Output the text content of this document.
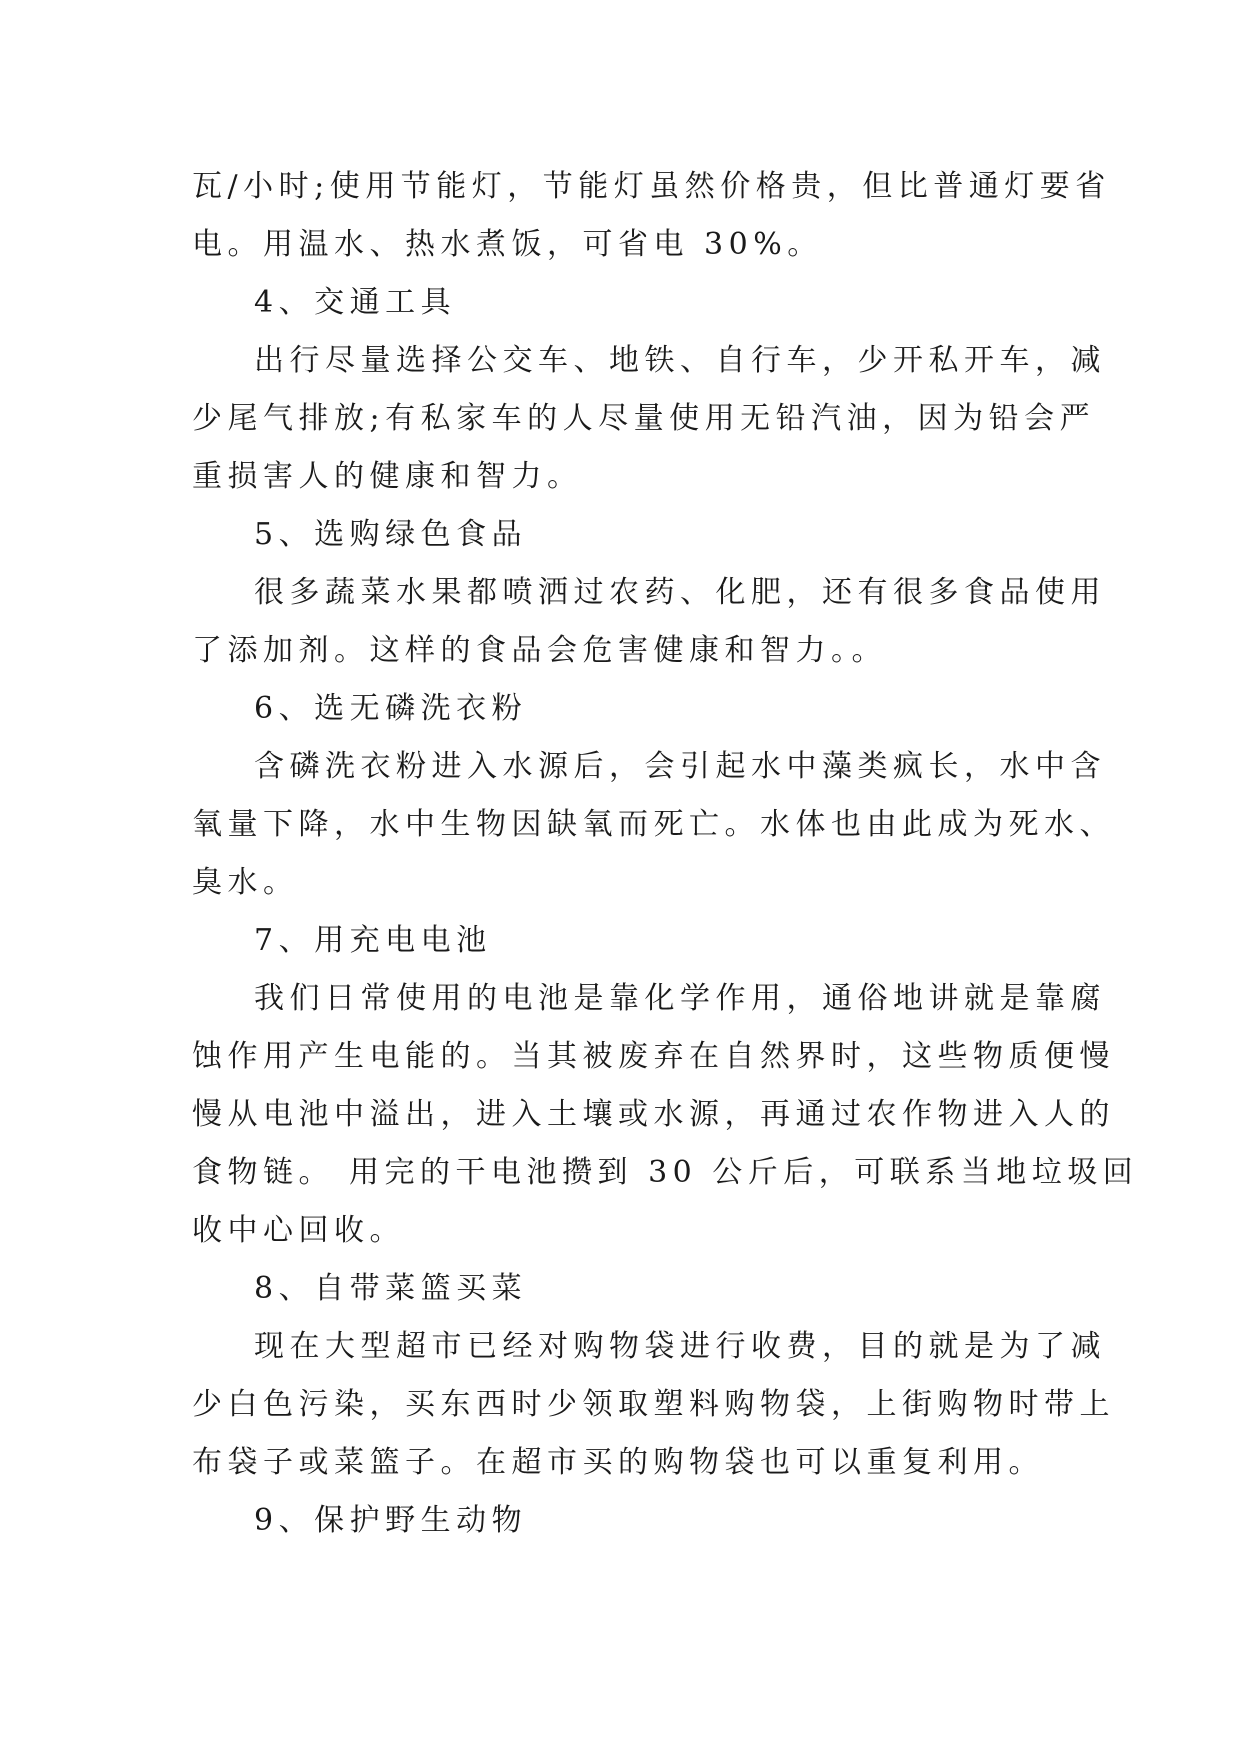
瓦/小时;使用节能灯，节能灯虽然价格贵，但比普通灯要省
电。用温水、热水煮饭，可省电 30%。
4、交通工具
出行尽量选择公交车、地铁、自行车，少开私开车，减
少尾气排放;有私家车的人尽量使用无铅汽油，因为铅会严
重损害人的健康和智力。
5、选购绿色食品
很多蔬菜水果都喷洒过农药、化肥，还有很多食品使用
了添加剂。这样的食品会危害健康和智力。。
6、选无磷洗衣粉
含磷洗衣粉进入水源后，会引起水中藻类疯长，水中含
氧量下降，水中生物因缺氧而死亡。水体也由此成为死水、
臭水。
7、用充电电池
我们日常使用的电池是靠化学作用，通俗地讲就是靠腐
蚀作用产生电能的。当其被废弃在自然界时，这些物质便慢
慢从电池中溢出，进入土壤或水源，再通过农作物进入人的
食物链。 用完的干电池攒到 30 公斤后，可联系当地垃圾回
收中心回收。
8、自带菜篮买菜
现在大型超市已经对购物袋进行收费，目的就是为了减
少白色污染，买东西时少领取塑料购物袋，上街购物时带上
布袋子或菜篮子。在超市买的购物袋也可以重复利用。
9、保护野生动物
